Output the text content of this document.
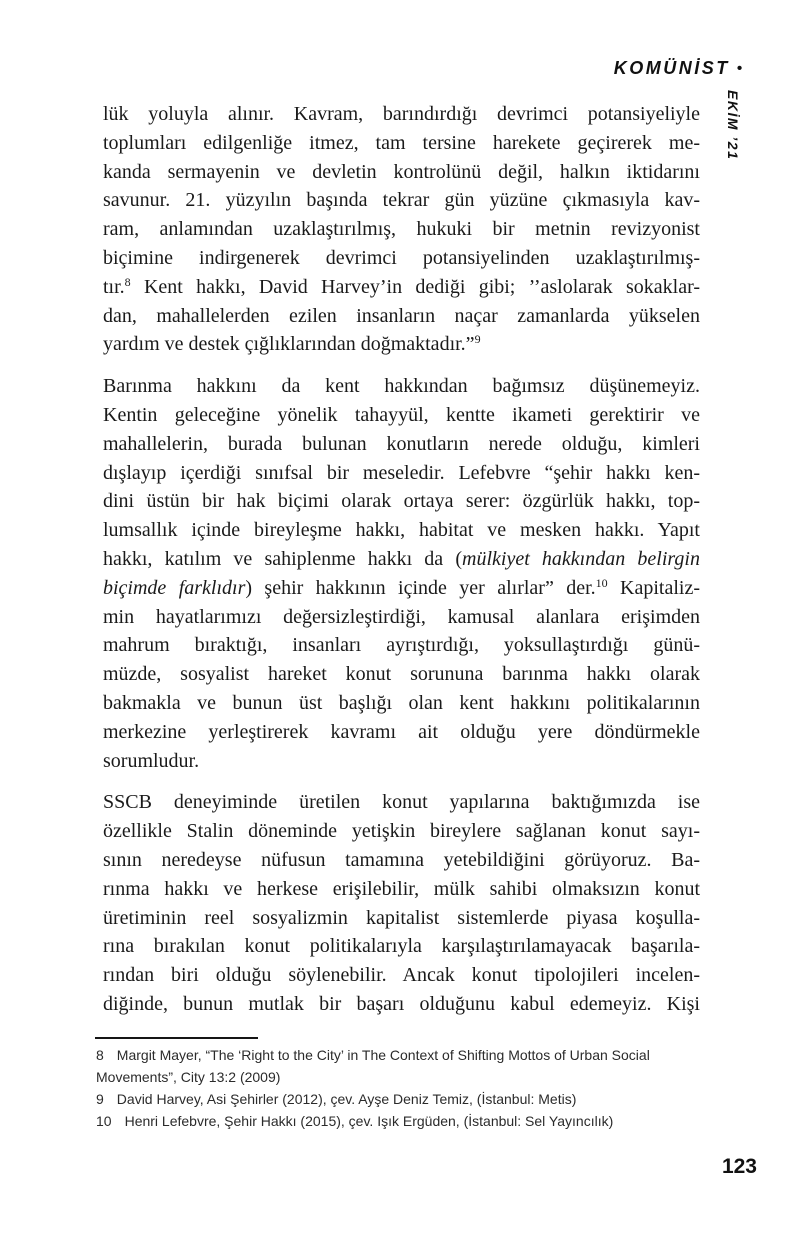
KOMÜNİST •
EKİM ’21
lük yoluyla alınır. Kavram, barındırdığı devrimci potansiyeliyle
toplumları edilgenliğe itmez, tam tersine harekete geçirerek me-
kanda sermayenin ve devletin kontrolünü değil, halkın iktidarını
savunur. 21. yüzyılın başında tekrar gün yüzüne çıkmasıyla kav-
ram, anlamından uzaklaştırılmış, hukuki bir metnin revizyonist
biçimine indirgenerek devrimci potansiyelinden uzaklaştırılmış-
tır.$^8$ Kent hakkı, David Harvey’in dediği gibi; ’’aslolarak sokaklar-
dan, mahallelerden ezilen insanların naçar zamanlarda yükselen
yardım ve destek çığlıklarından doğmaktadır.”$^9$
Barınma hakkını da kent hakkından bağımsız düşünemeyiz.
Kentin geleceğine yönelik tahayyül, kentte ikameti gerektirir ve
mahallelerin, burada bulunan konutların nerede olduğu, kimleri
dışlayıp içerdiği sınıfsal bir meseledir. Lefebvre “şehir hakkı ken-
dini üstün bir hak biçimi olarak ortaya serer: özgürlük hakkı, top-
lumsallık içinde bireyleşme hakkı, habitat ve mesken hakkı. Yapıt
hakkı, katılım ve sahiplenme hakkı da (mülkiyet hakkından belirgin
biçimde farklıdır) şehir hakkının içinde yer alırlar” der.$^{10}$ Kapitaliz-
min hayatlarımızı değersizleştirdiği, kamusal alanlara erişimden
mahrum bıraktığı, insanları ayrıştırdığı, yoksullaştırdığı günü-
müzde, sosyalist hareket konut sorununa barınma hakkı olarak
bakmakla ve bunun üst başlığı olan kent hakkını politikalarının
merkezine yerleştirerek kavramı ait olduğu yere döndürmekle
sorumludur.
SSCB deneyiminde üretilen konut yapılarına baktığımızda ise
özellikle Stalin döneminde yetişkin bireylere sağlanan konut sayı-
sının neredeyse nüfusun tamamına yetebildiğini görüyoruz. Ba-
rınma hakkı ve herkese erişilebilir, mülk sahibi olmaksızın konut
üretiminin reel sosyalizmin kapitalist sistemlerde piyasa koşulla-
rına bırakılan konut politikalarıyla karşılaştırılamayacak başarıla-
rından biri olduğu söylenebilir. Ancak konut tipolojileri incelen-
diğinde, bunun mutlak bir başarı olduğunu kabul edemeyiz. Kişi
8 Margit Mayer, “The ‘Right to the City’ in The Context of Shifting Mottos of Urban Social Movements”, City 13:2 (2009)
9 David Harvey, Asi Şehirler (2012), çev. Ayşe Deniz Temiz, (İstanbul: Metis)
10 Henri Lefebvre, Şehir Hakkı (2015), çev. Işık Ergüden, (İstanbul: Sel Yayıncılık)
123
